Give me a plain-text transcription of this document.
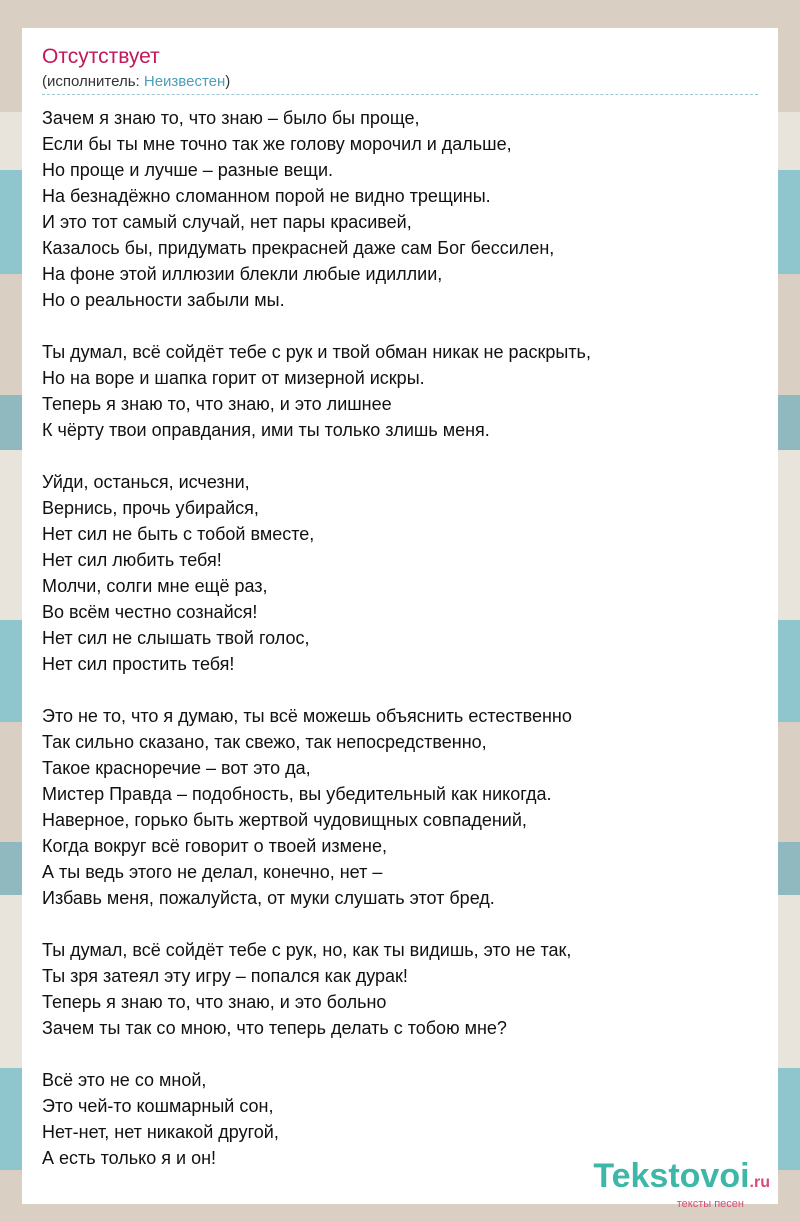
Отсутствует
(исполнитель: Неизвестен)
Зачем я знаю то, что знаю – было бы проще,
Если бы ты мне точно так же голову морочил и дальше,
Но проще и лучше – разные вещи.
На безнадёжно сломанном порой не видно трещины.
И это тот самый случай, нет пары красивей,
Казалось бы, придумать прекрасней даже сам Бог бессилен,
На фоне этой иллюзии блекли любые идиллии,
Но о реальности забыли мы.
Ты думал, всё сойдёт тебе с рук и твой обман никак не раскрыть,
Но на воре и шапка горит от мизерной искры.
Теперь я знаю то, что знаю, и это лишнее
К чёрту твои оправдания, ими ты только злишь меня.
Уйди, останься, исчезни,
Вернись, прочь убирайся,
Нет сил не быть с тобой вместе,
Нет сил любить тебя!
Молчи, солги мне ещё раз,
Во всём честно сознайся!
Нет сил не слышать твой голос,
Нет сил простить тебя!
Это не то, что я думаю, ты всё можешь объяснить естественно
Так сильно сказано, так свежо, так непосредственно,
Такое красноречие – вот это да,
Мистер Правда – подобность, вы убедительный как никогда.
Наверное, горько быть жертвой чудовищных совпадений,
Когда вокруг всё говорит о твоей измене,
А ты ведь этого не делал, конечно, нет –
Избавь меня, пожалуйста, от муки слушать этот бред.
Ты думал, всё сойдёт тебе с рук, но, как ты видишь, это не так,
Ты зря затеял эту игру – попался как дурак!
Теперь я знаю то, что знаю, и это больно
Зачем ты так со мною, что теперь делать с тобою мне?
Всё это не со мной,
Это чей-то кошмарный сон,
Нет-нет, нет никакой другой,
А есть только я и он!	Tekstovoi.ru
тексты песен
